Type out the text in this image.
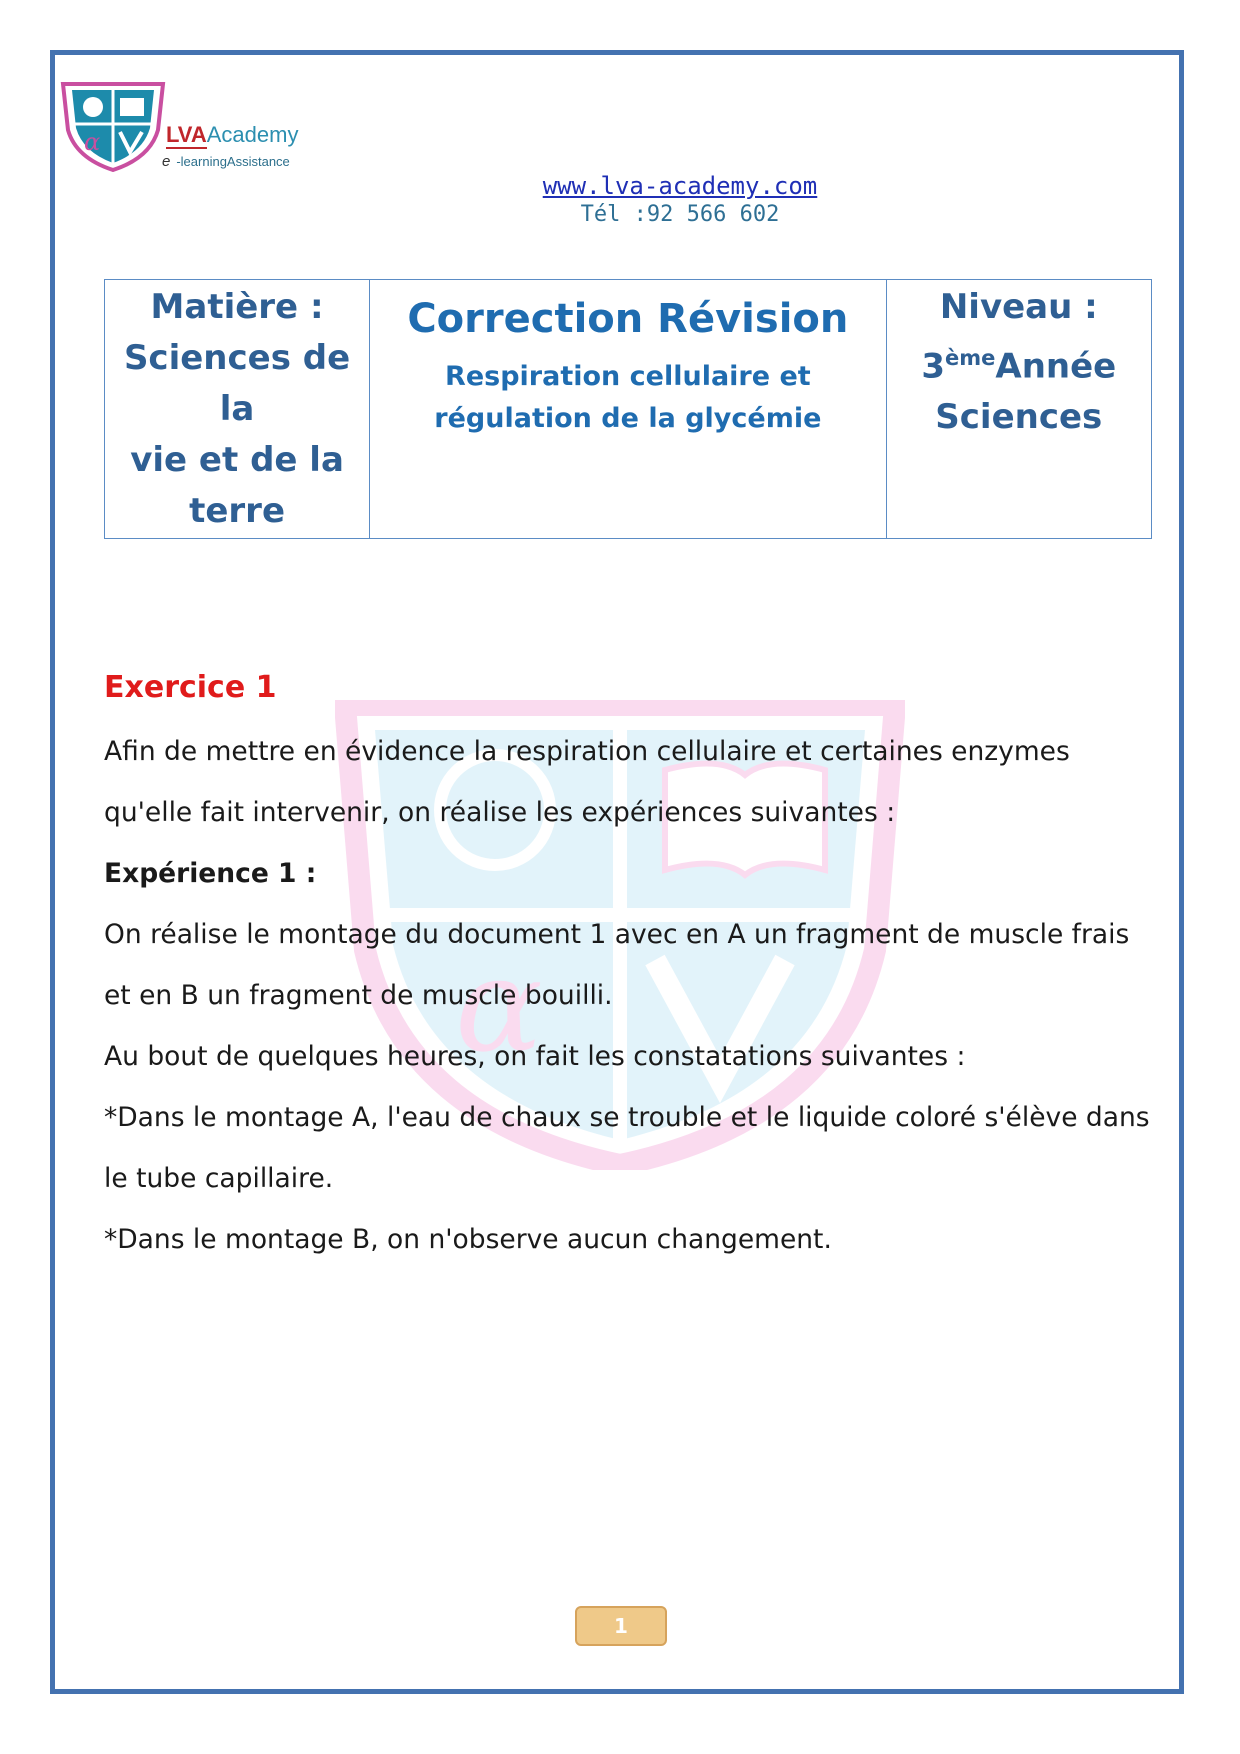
α	LVAAcademy
e -learningAssistance
www.lva-academy.com
Tél :92 566 602
Matière :
Sciences de la
vie et de la
terre

Correction Révision
Respiration cellulaire et
régulation de la glycémie

Niveau :
3èmeAnnée
Sciences
α
Exercice 1

Afin de mettre en évidence la respiration cellulaire et certaines enzymes

qu'elle fait intervenir, on réalise les expériences suivantes :

Expérience 1 :

On réalise le montage du document 1 avec en A un fragment de muscle frais

et en B un fragment de muscle bouilli.

Au bout de quelques heures, on fait les constatations suivantes :

*Dans le montage A, l'eau de chaux se trouble et le liquide coloré s'élève dans

le tube capillaire.

*Dans le montage B, on n'observe aucun changement.

1
